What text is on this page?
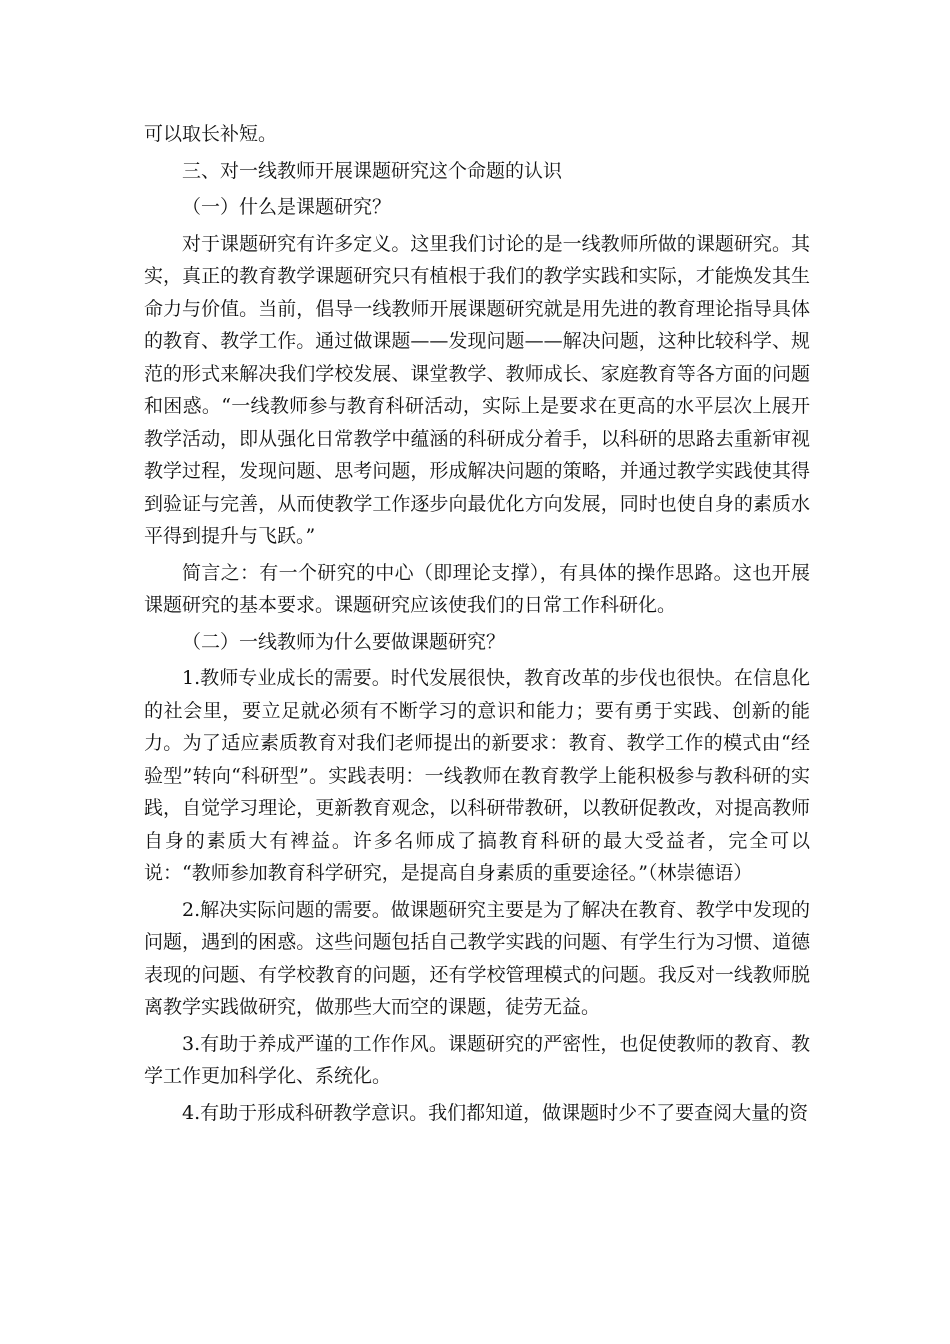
可以取长补短。

三、对一线教师开展课题研究这个命题的认识

（一）什么是课题研究？

对于课题研究有许多定义。这里我们讨论的是一线教师所做的课题研究。其实，真正的教育教学课题研究只有植根于我们的教学实践和实际，才能焕发其生命力与价值。当前，倡导一线教师开展课题研究就是用先进的教育理论指导具体的教育、教学工作。通过做课题——发现问题——解决问题，这种比较科学、规范的形式来解决我们学校发展、课堂教学、教师成长、家庭教育等各方面的问题和困惑。“一线教师参与教育科研活动，实际上是要求在更高的水平层次上展开教学活动，即从强化日常教学中蕴涵的科研成分着手，以科研的思路去重新审视教学过程，发现问题、思考问题，形成解决问题的策略，并通过教学实践使其得到验证与完善，从而使教学工作逐步向最优化方向发展，同时也使自身的素质水平得到提升与飞跃。”

简言之：有一个研究的中心（即理论支撑），有具体的操作思路。这也开展课题研究的基本要求。课题研究应该使我们的日常工作科研化。

（二）一线教师为什么要做课题研究？

1.教师专业成长的需要。时代发展很快，教育改革的步伐也很快。在信息化的社会里，要立足就必须有不断学习的意识和能力；要有勇于实践、创新的能力。为了适应素质教育对我们老师提出的新要求：教育、教学工作的模式由“经验型”转向“科研型”。实践表明：一线教师在教育教学上能积极参与教科研的实践，自觉学习理论，更新教育观念，以科研带教研，以教研促教改，对提高教师自身的素质大有裨益。许多名师成了搞教育科研的最大受益者，完全可以说：“教师参加教育科学研究，是提高自身素质的重要途径。”（林崇德语）

2.解决实际问题的需要。做课题研究主要是为了解决在教育、教学中发现的问题，遇到的困惑。这些问题包括自己教学实践的问题、有学生行为习惯、道德表现的问题、有学校教育的问题，还有学校管理模式的问题。我反对一线教师脱离教学实践做研究，做那些大而空的课题，徒劳无益。

3.有助于养成严谨的工作作风。课题研究的严密性，也促使教师的教育、教学工作更加科学化、系统化。

4.有助于形成科研教学意识。我们都知道，做课题时少不了要查阅大量的资
